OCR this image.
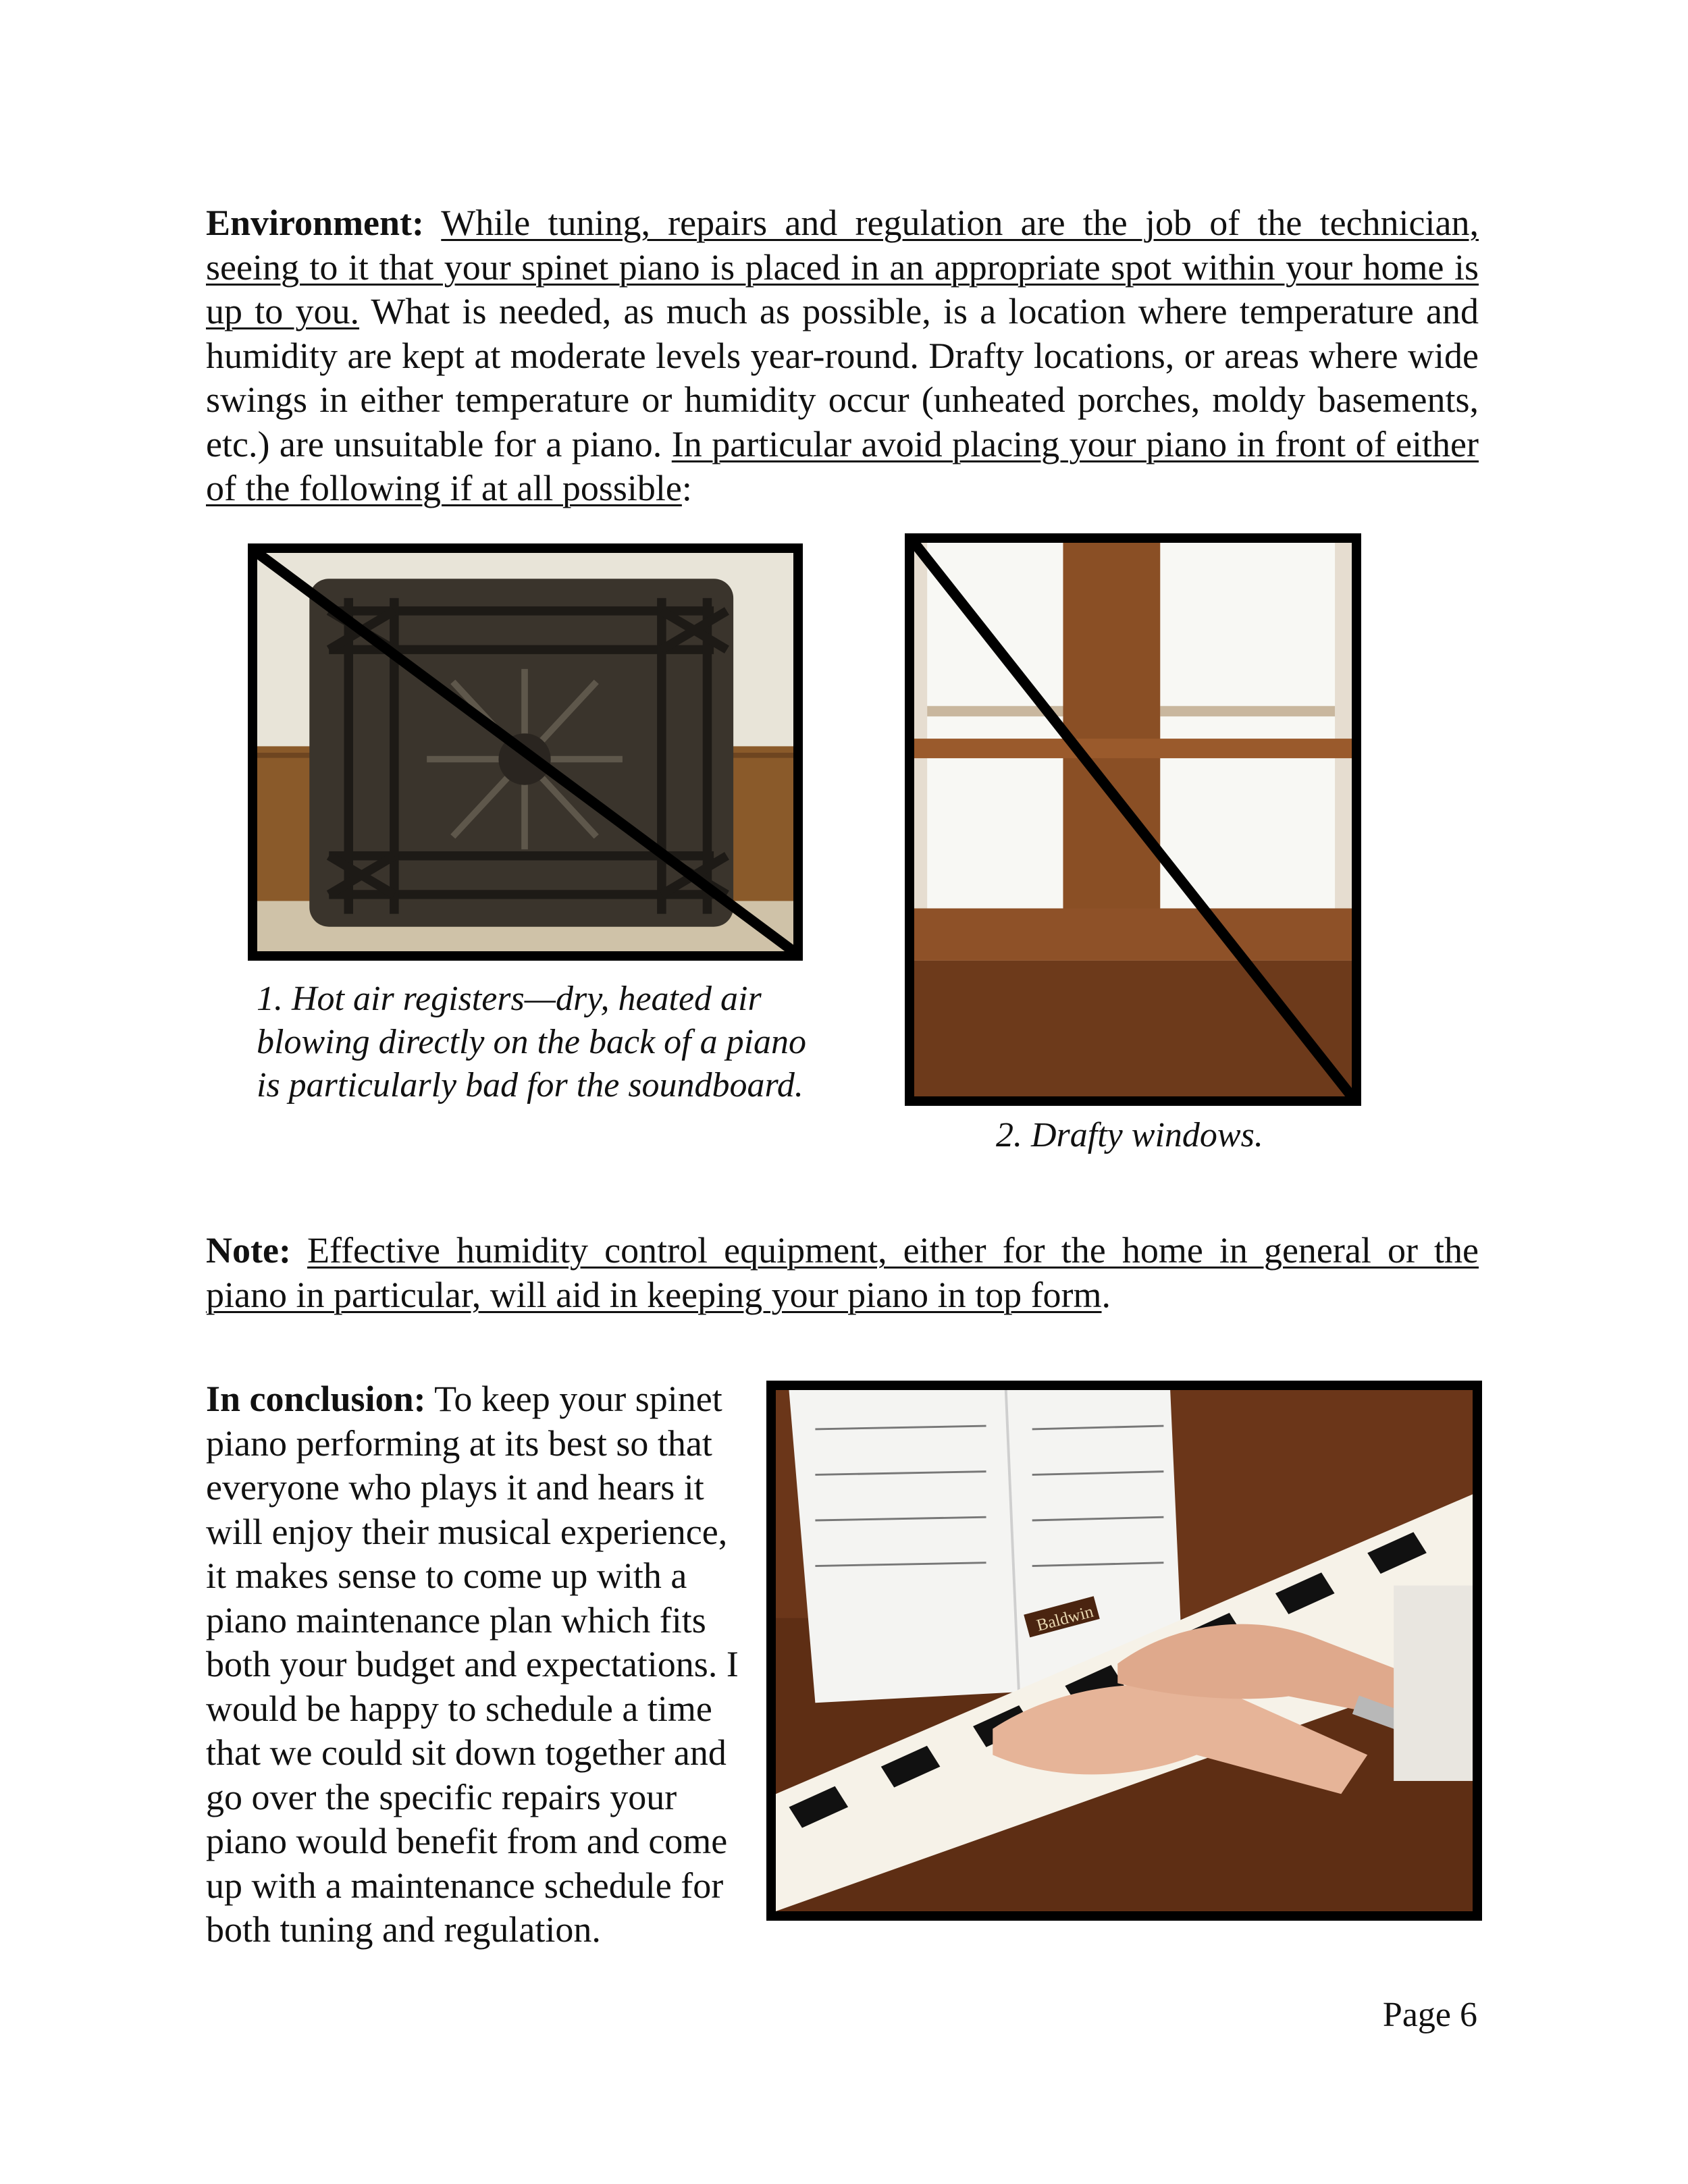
Environment: While tuning, repairs and regulation are the job of the technician, seeing to it that your spinet piano is placed in an appropriate spot within your home is up to you. What is needed, as much as possible, is a location where temperature and humidity are kept at moderate levels year-round. Drafty locations, or areas where wide swings in either temperature or humidity occur (unheated porches, moldy basements, etc.) are unsuitable for a piano. In particular avoid placing your piano in front of either of the following if at all possible:

1. Hot air registers—dry, heated air blowing directly on the back of a piano is particularly bad for the soundboard.

2. Drafty windows.

Note: Effective humidity control equipment, either for the home in general or the piano in particular, will aid in keeping your piano in top form.

In conclusion: To keep your spinet piano performing at its best so that everyone who plays it and hears it will enjoy their musical experience, it makes sense to come up with a piano maintenance plan which fits both your budget and expectations. I would be happy to schedule a time that we could sit down together and go over the specific repairs your piano would benefit from and come up with a maintenance schedule for both tuning and regulation.

Baldwin
Page 6
